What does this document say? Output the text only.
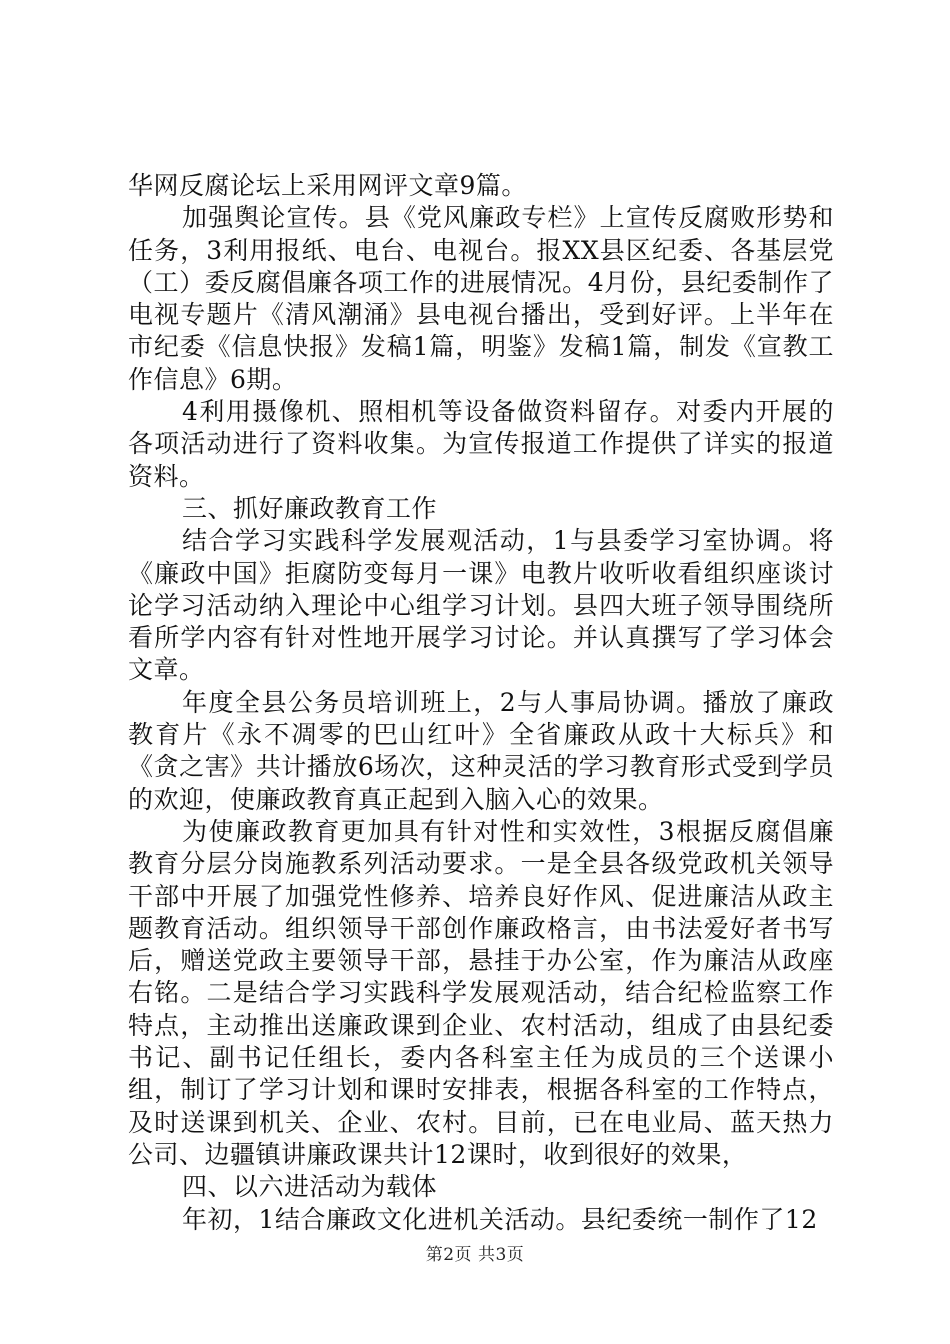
华网反腐论坛上采用网评文章9篇。

加强舆论宣传。县《党风廉政专栏》上宣传反腐败形势和任务，3利用报纸、电台、电视台。报XX县区纪委、各基层党（工）委反腐倡廉各项工作的进展情况。4月份，县纪委制作了电视专题片《清风潮涌》县电视台播出，受到好评。上半年在市纪委《信息快报》发稿1篇，明鉴》发稿1篇，制发《宣教工作信息》6期。

4利用摄像机、照相机等设备做资料留存。对委内开展的各项活动进行了资料收集。为宣传报道工作提供了详实的报道资料。

三、抓好廉政教育工作

结合学习实践科学发展观活动，1与县委学习室协调。将《廉政中国》拒腐防变每月一课》电教片收听收看组织座谈讨论学习活动纳入理论中心组学习计划。县四大班子领导围绕所看所学内容有针对性地开展学习讨论。并认真撰写了学习体会文章。

年度全县公务员培训班上，2与人事局协调。播放了廉政教育片《永不凋零的巴山红叶》全省廉政从政十大标兵》和《贪之害》共计播放6场次，这种灵活的学习教育形式受到学员的欢迎，使廉政教育真正起到入脑入心的效果。

为使廉政教育更加具有针对性和实效性，3根据反腐倡廉教育分层分岗施教系列活动要求。一是全县各级党政机关领导干部中开展了加强党性修养、培养良好作风、促进廉洁从政主题教育活动。组织领导干部创作廉政格言，由书法爱好者书写后，赠送党政主要领导干部，悬挂于办公室，作为廉洁从政座右铭。二是结合学习实践科学发展观活动，结合纪检监察工作特点，主动推出送廉政课到企业、农村活动，组成了由县纪委书记、副书记任组长，委内各科室主任为成员的三个送课小组，制订了学习计划和课时安排表，根据各科室的工作特点，及时送课到机关、企业、农村。目前，已在电业局、蓝天热力公司、边疆镇讲廉政课共计12课时，收到很好的效果，

四、以六进活动为载体

年初，1结合廉政文化进机关活动。县纪委统一制作了12

第2页 共3页
